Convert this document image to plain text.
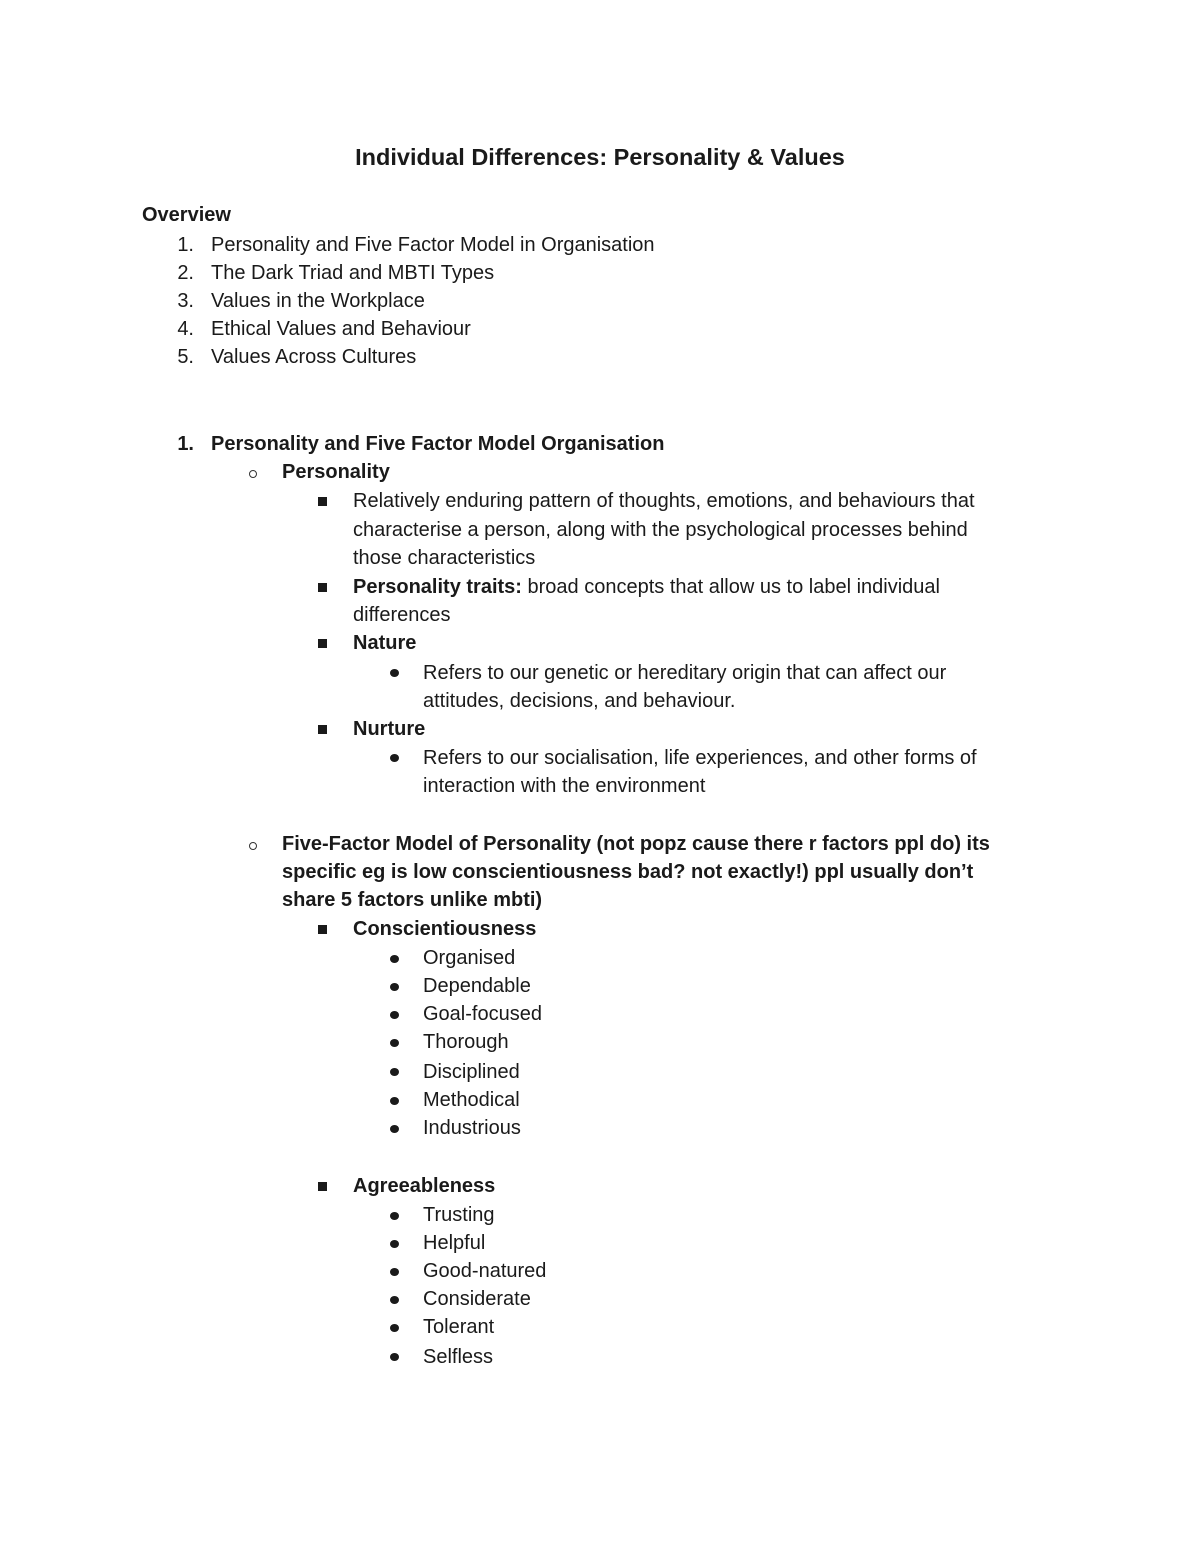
Individual Differences: Personality & Values
Overview
1. Personality and Five Factor Model in Organisation
2. The Dark Triad and MBTI Types
3. Values in the Workplace
4. Ethical Values and Behaviour
5. Values Across Cultures
1. Personality and Five Factor Model Organisation
Personality
Relatively enduring pattern of thoughts, emotions, and behaviours that
characterise a person, along with the psychological processes behind
those characteristics
Personality traits: broad concepts that allow us to label individual
differences
Nature
Refers to our genetic or hereditary origin that can affect our
attitudes, decisions, and behaviour.
Nurture
Refers to our socialisation, life experiences, and other forms of
interaction with the environment
Five-Factor Model of Personality (not popz cause there r factors ppl do) its
specific eg is low conscientiousness bad? not exactly!) ppl usually don’t
share 5 factors unlike mbti)
Conscientiousness
Organised
Dependable
Goal-focused
Thorough
Disciplined
Methodical
Industrious
Agreeableness
Trusting
Helpful
Good-natured
Considerate
Tolerant
Selfless
